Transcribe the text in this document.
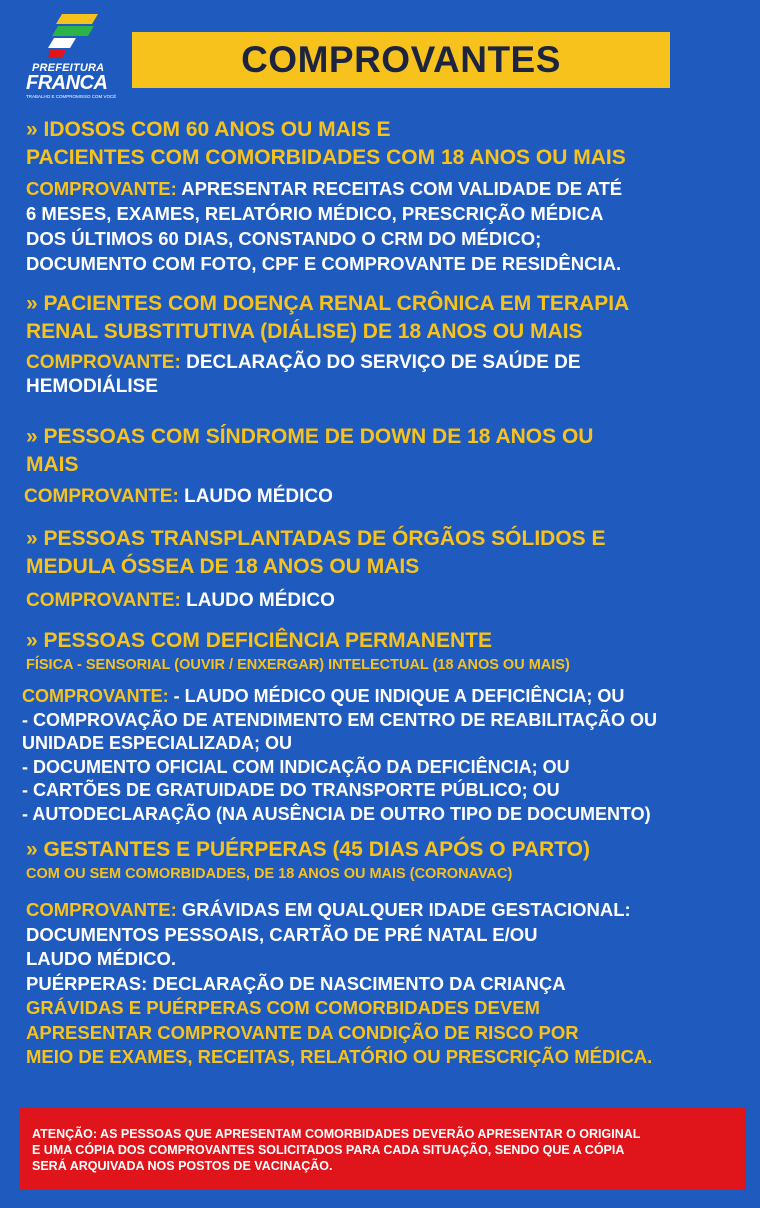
PREFEITURA
FRANCA
TRABALHO E COMPROMISSO COM VOCÊ
COMPROVANTES
» IDOSOS COM 60 ANOS OU MAIS E
PACIENTES COM COMORBIDADES COM 18 ANOS OU MAIS
COMPROVANTE: APRESENTAR RECEITAS COM VALIDADE DE ATÉ
6 MESES, EXAMES, RELATÓRIO MÉDICO, PRESCRIÇÃO MÉDICA
DOS ÚLTIMOS 60 DIAS, CONSTANDO O CRM DO MÉDICO;
DOCUMENTO COM FOTO, CPF E COMPROVANTE DE RESIDÊNCIA.
» PACIENTES COM DOENÇA RENAL CRÔNICA EM TERAPIA
RENAL SUBSTITUTIVA (DIÁLISE) DE 18 ANOS OU MAIS
COMPROVANTE: DECLARAÇÃO DO SERVIÇO DE SAÚDE DE
HEMODIÁLISE
» PESSOAS COM SÍNDROME DE DOWN DE 18 ANOS OU
MAIS
COMPROVANTE: LAUDO MÉDICO
» PESSOAS TRANSPLANTADAS DE ÓRGÃOS SÓLIDOS E
MEDULA ÓSSEA DE 18 ANOS OU MAIS
COMPROVANTE: LAUDO MÉDICO
» PESSOAS COM DEFICIÊNCIA PERMANENTE
FÍSICA - SENSORIAL (OUVIR / ENXERGAR) INTELECTUAL (18 ANOS OU MAIS)
COMPROVANTE: - LAUDO MÉDICO QUE INDIQUE A DEFICIÊNCIA; OU
- COMPROVAÇÃO DE ATENDIMENTO EM CENTRO DE REABILITAÇÃO OU
UNIDADE ESPECIALIZADA; OU
- DOCUMENTO OFICIAL COM INDICAÇÃO DA DEFICIÊNCIA; OU
- CARTÕES DE GRATUIDADE DO TRANSPORTE PÚBLICO; OU
- AUTODECLARAÇÃO (NA AUSÊNCIA DE OUTRO TIPO DE DOCUMENTO)
» GESTANTES E PUÉRPERAS (45 DIAS APÓS O PARTO)
COM OU SEM COMORBIDADES, DE 18 ANOS OU MAIS (CORONAVAC)
COMPROVANTE: GRÁVIDAS EM QUALQUER IDADE GESTACIONAL:
DOCUMENTOS PESSOAIS, CARTÃO DE PRÉ NATAL E/OU
LAUDO MÉDICO.
PUÉRPERAS: DECLARAÇÃO DE NASCIMENTO DA CRIANÇA
GRÁVIDAS E PUÉRPERAS COM COMORBIDADES DEVEM
APRESENTAR COMPROVANTE DA CONDIÇÃO DE RISCO POR
MEIO DE EXAMES, RECEITAS, RELATÓRIO OU PRESCRIÇÃO MÉDICA.
ATENÇÃO: AS PESSOAS QUE APRESENTAM COMORBIDADES DEVERÃO APRESENTAR O ORIGINAL
E UMA CÓPIA DOS COMPROVANTES SOLICITADOS PARA CADA SITUAÇÃO, SENDO QUE A CÓPIA
SERÁ ARQUIVADA NOS POSTOS DE VACINAÇÃO.
